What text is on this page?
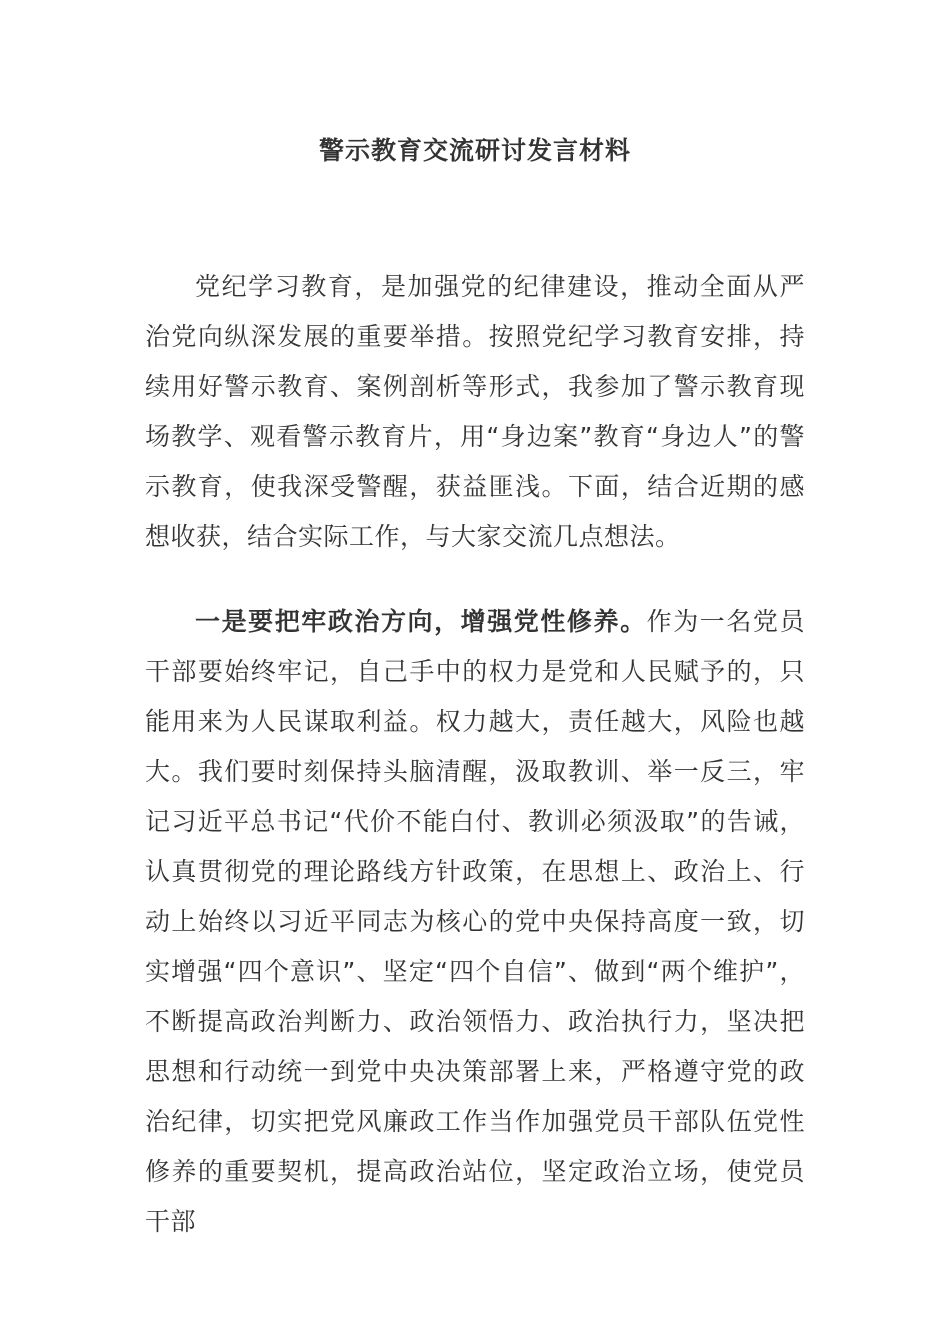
警示教育交流研讨发言材料

党纪学习教育，是加强党的纪律建设，推动全面从严治党向纵深发展的重要举措。按照党纪学习教育安排，持续用好警示教育、案例剖析等形式，我参加了警示教育现场教学、观看警示教育片，用“身边案”教育“身边人”的警示教育，使我深受警醒，获益匪浅。下面，结合近期的感想收获，结合实际工作，与大家交流几点想法。

一是要把牢政治方向，增强党性修养。作为一名党员干部要始终牢记，自己手中的权力是党和人民赋予的，只能用来为人民谋取利益。权力越大，责任越大，风险也越大。我们要时刻保持头脑清醒，汲取教训、举一反三，牢记习近平总书记“代价不能白付、教训必须汲取”的告诫，认真贯彻党的理论路线方针政策，在思想上、政治上、行动上始终以习近平同志为核心的党中央保持高度一致，切实增强“四个意识”、坚定“四个自信”、做到“两个维护”，不断提高政治判断力、政治领悟力、政治执行力，坚决把思想和行动统一到党中央决策部署上来，严格遵守党的政治纪律，切实把党风廉政工作当作加强党员干部队伍党性修养的重要契机，提高政治站位，坚定政治立场，使党员干部
